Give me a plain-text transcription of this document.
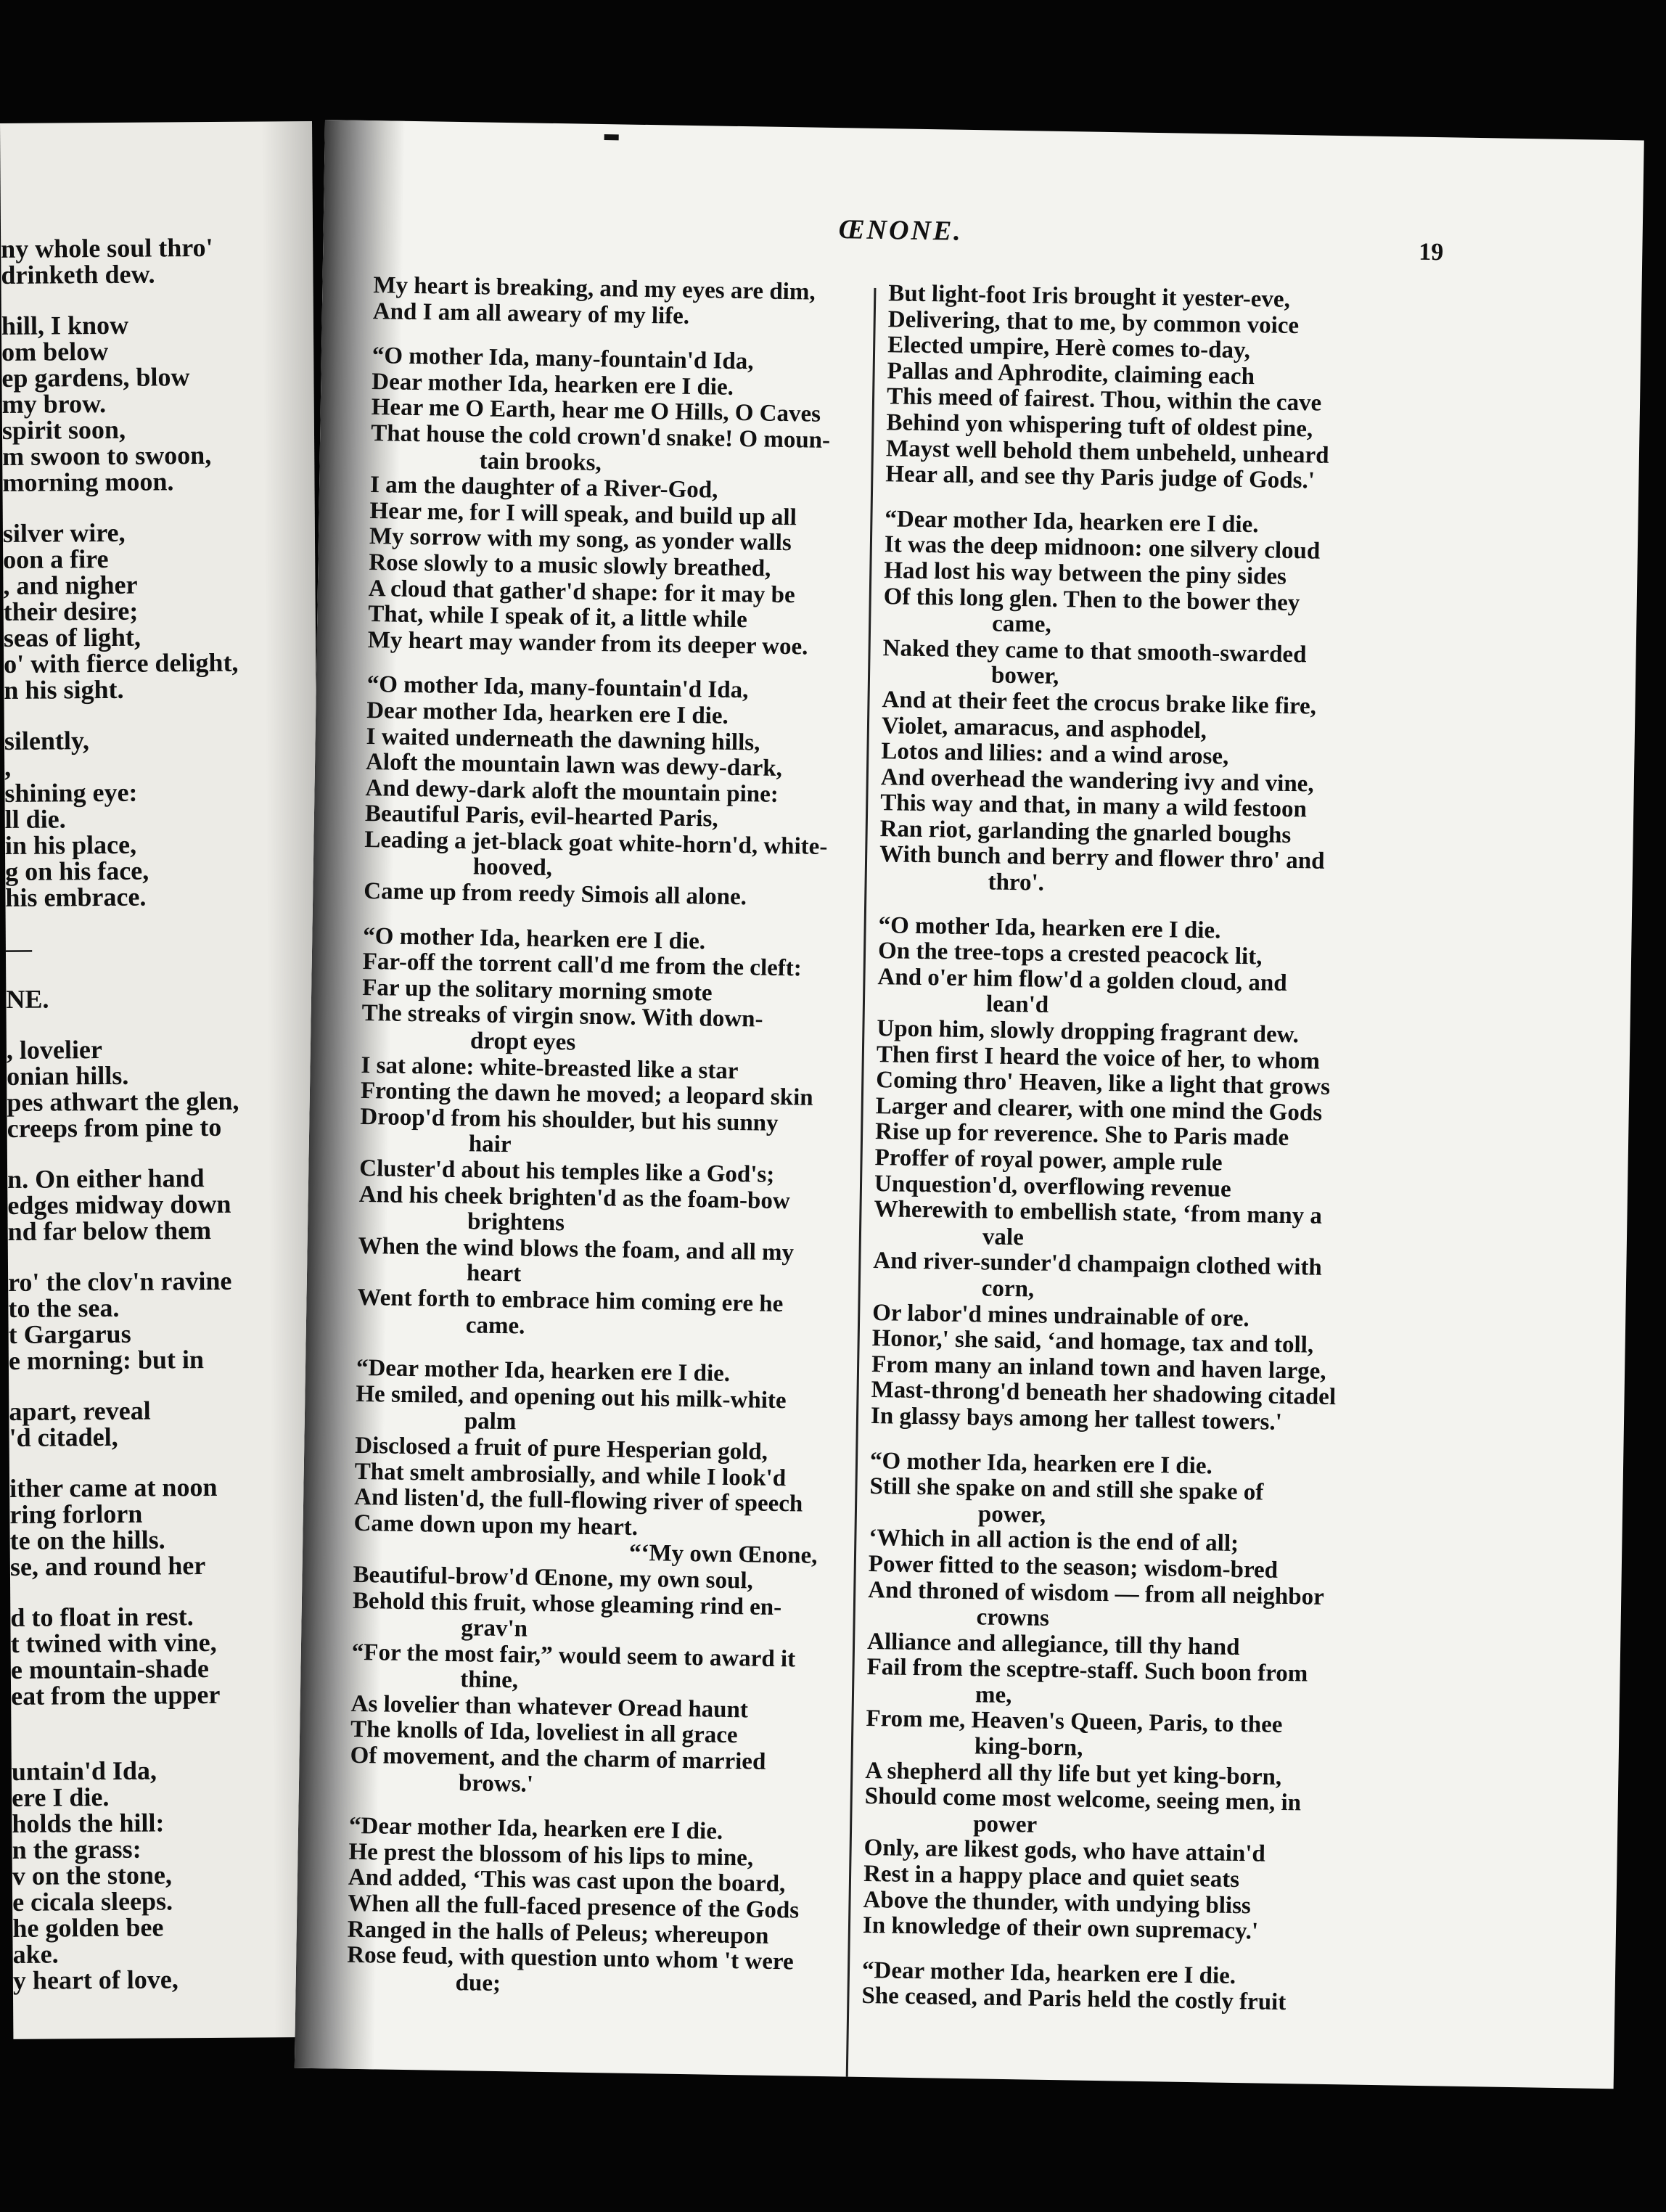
ny whole soul thro'
drinketh dew.
hill, I know
om below
ep gardens, blow
my brow.
spirit soon,
m swoon to swoon,
morning moon.
silver wire,
oon a fire
, and nigher
their desire;
seas of light,
o' with fierce delight,
n his sight.
silently,
,
shining eye:
ll die.
in his place,
g on his face,
his embrace.
—
NE.
, lovelier
onian hills.
pes athwart the glen,
creeps from pine to
n. On either hand
edges midway down
nd far below them
ro' the clov'n ravine
to the sea.
t Gargarus
e morning: but in
apart, reveal
'd citadel,
ither came at noon
ring forlorn
te on the hills.
se, and round her
d to float in rest.
t twined with vine,
e mountain-shade
eat from the upper
untain'd Ida,
ere I die.
holds the hill:
n the grass:
v on the stone,
e cicala sleeps.
he golden bee
ake.
y heart of love,
ŒNONE.
19
My heart is breaking, and my eyes are dim,
And I am all aweary of my life.
“O mother Ida, many-fountain'd Ida,
Dear mother Ida, hearken ere I die.
Hear me O Earth, hear me O Hills, O Caves
That house the cold crown'd snake! O moun-
tain brooks,
I am the daughter of a River-God,
Hear me, for I will speak, and build up all
My sorrow with my song, as yonder walls
Rose slowly to a music slowly breathed,
A cloud that gather'd shape: for it may be
That, while I speak of it, a little while
My heart may wander from its deeper woe.
“O mother Ida, many-fountain'd Ida,
Dear mother Ida, hearken ere I die.
I waited underneath the dawning hills,
Aloft the mountain lawn was dewy-dark,
And dewy-dark aloft the mountain pine:
Beautiful Paris, evil-hearted Paris,
Leading a jet-black goat white-horn'd, white-
hooved,
Came up from reedy Simois all alone.
“O mother Ida, hearken ere I die.
Far-off the torrent call'd me from the cleft:
Far up the solitary morning smote
The streaks of virgin snow. With down-
dropt eyes
I sat alone: white-breasted like a star
Fronting the dawn he moved; a leopard skin
Droop'd from his shoulder, but his sunny
hair
Cluster'd about his temples like a God's;
And his cheek brighten'd as the foam-bow
brightens
When the wind blows the foam, and all my
heart
Went forth to embrace him coming ere he
came.
“Dear mother Ida, hearken ere I die.
He smiled, and opening out his milk-white
palm
Disclosed a fruit of pure Hesperian gold,
That smelt ambrosially, and while I look'd
And listen'd, the full-flowing river of speech
Came down upon my heart.
“‘My own Œnone,
Beautiful-brow'd Œnone, my own soul,
Behold this fruit, whose gleaming rind en-
grav'n
“For the most fair,” would seem to award it
thine,
As lovelier than whatever Oread haunt
The knolls of Ida, loveliest in all grace
Of movement, and the charm of married
brows.'
“Dear mother Ida, hearken ere I die.
He prest the blossom of his lips to mine,
And added, ‘This was cast upon the board,
When all the full-faced presence of the Gods
Ranged in the halls of Peleus; whereupon
Rose feud, with question unto whom 't were
due;
But light-foot Iris brought it yester-eve,
Delivering, that to me, by common voice
Elected umpire, Herè comes to-day,
Pallas and Aphrodite, claiming each
This meed of fairest. Thou, within the cave
Behind yon whispering tuft of oldest pine,
Mayst well behold them unbeheld, unheard
Hear all, and see thy Paris judge of Gods.'
“Dear mother Ida, hearken ere I die.
It was the deep midnoon: one silvery cloud
Had lost his way between the piny sides
Of this long glen. Then to the bower they
came,
Naked they came to that smooth-swarded
bower,
And at their feet the crocus brake like fire,
Violet, amaracus, and asphodel,
Lotos and lilies: and a wind arose,
And overhead the wandering ivy and vine,
This way and that, in many a wild festoon
Ran riot, garlanding the gnarled boughs
With bunch and berry and flower thro' and
thro'.
“O mother Ida, hearken ere I die.
On the tree-tops a crested peacock lit,
And o'er him flow'd a golden cloud, and
lean'd
Upon him, slowly dropping fragrant dew.
Then first I heard the voice of her, to whom
Coming thro' Heaven, like a light that grows
Larger and clearer, with one mind the Gods
Rise up for reverence. She to Paris made
Proffer of royal power, ample rule
Unquestion'd, overflowing revenue
Wherewith to embellish state, ‘from many a
vale
And river-sunder'd champaign clothed with
corn,
Or labor'd mines undrainable of ore.
Honor,' she said, ‘and homage, tax and toll,
From many an inland town and haven large,
Mast-throng'd beneath her shadowing citadel
In glassy bays among her tallest towers.'
“O mother Ida, hearken ere I die.
Still she spake on and still she spake of
power,
‘Which in all action is the end of all;
Power fitted to the season; wisdom-bred
And throned of wisdom — from all neighbor
crowns
Alliance and allegiance, till thy hand
Fail from the sceptre-staff. Such boon from
me,
From me, Heaven's Queen, Paris, to thee
king-born,
A shepherd all thy life but yet king-born,
Should come most welcome, seeing men, in
power
Only, are likest gods, who have attain'd
Rest in a happy place and quiet seats
Above the thunder, with undying bliss
In knowledge of their own supremacy.'
“Dear mother Ida, hearken ere I die.
She ceased, and Paris held the costly fruit
